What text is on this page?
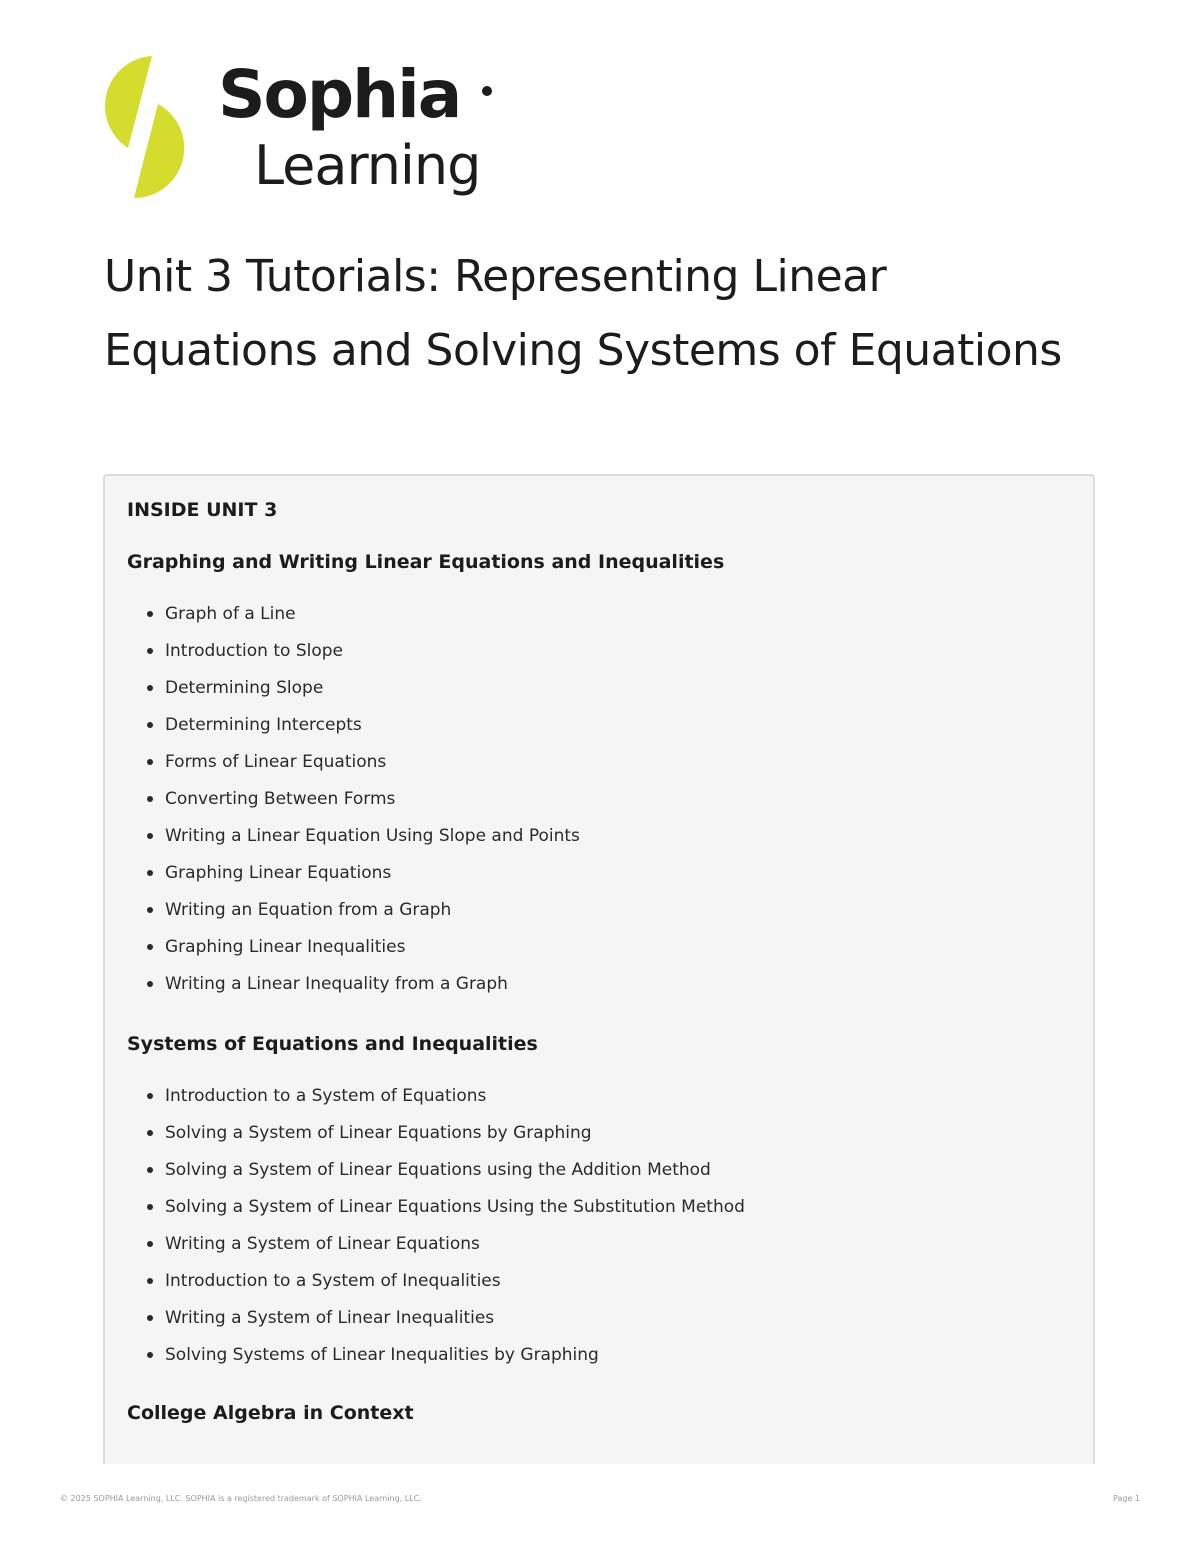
Sophia
Learning
Unit 3 Tutorials: Representing Linear Equations and Solving Systems of Equations
INSIDE UNIT 3
Graphing and Writing Linear Equations and Inequalities
Graph of a Line
Introduction to Slope
Determining Slope
Determining Intercepts
Forms of Linear Equations
Converting Between Forms
Writing a Linear Equation Using Slope and Points
Graphing Linear Equations
Writing an Equation from a Graph
Graphing Linear Inequalities
Writing a Linear Inequality from a Graph
Systems of Equations and Inequalities
Introduction to a System of Equations
Solving a System of Linear Equations by Graphing
Solving a System of Linear Equations using the Addition Method
Solving a System of Linear Equations Using the Substitution Method
Writing a System of Linear Equations
Introduction to a System of Inequalities
Writing a System of Linear Inequalities
Solving Systems of Linear Inequalities by Graphing
College Algebra in Context
© 2025 SOPHIA Learning, LLC. SOPHIA is a registered trademark of SOPHIA Learning, LLC.	Page 1
